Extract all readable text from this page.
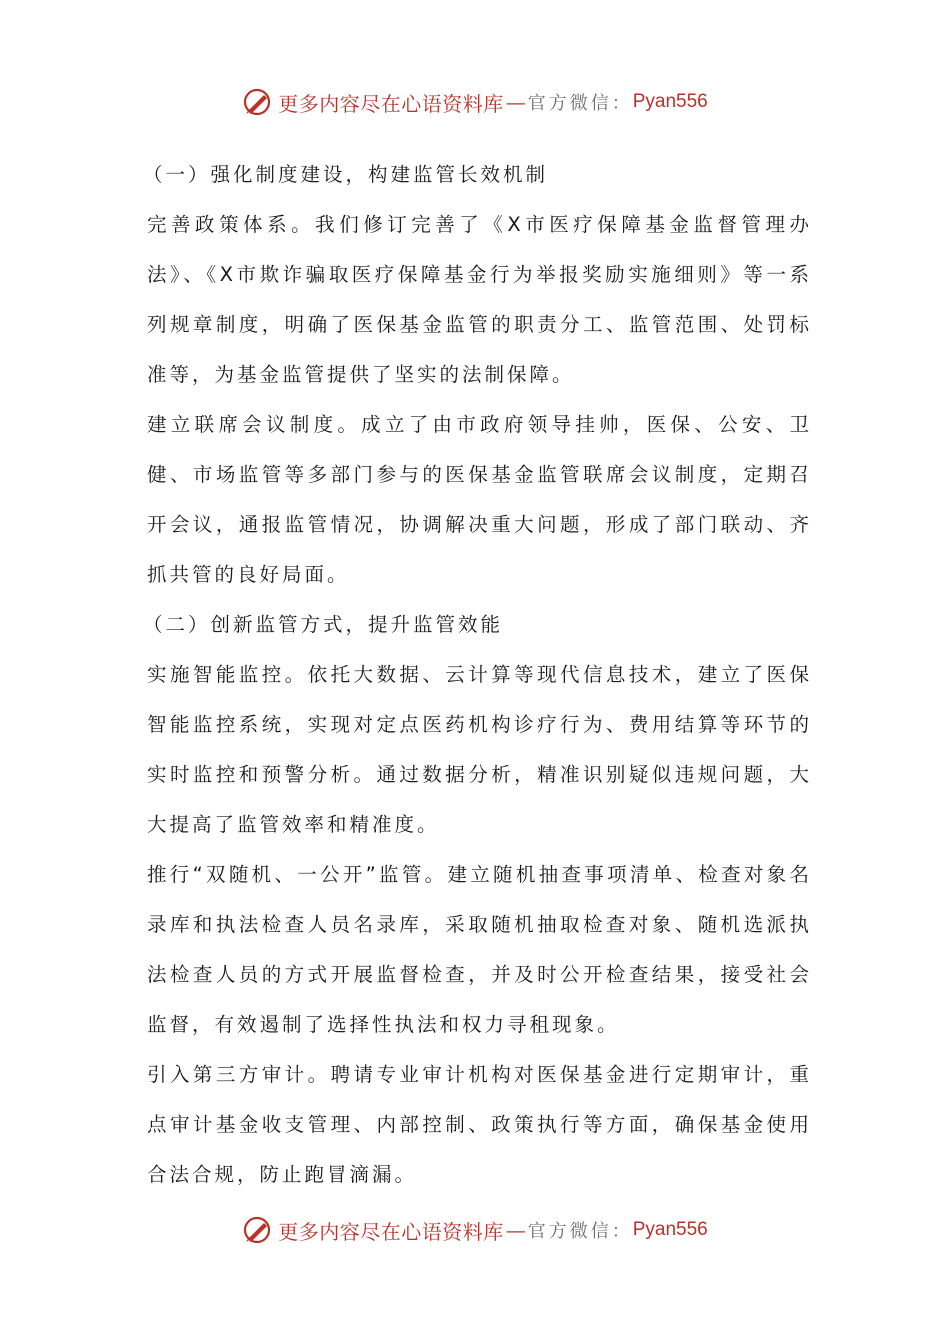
更多内容尽在心语资料库 — 官方微信： Pyan556

（一）强化制度建设，构建监管长效机制

完善政策体系。我们修订完善了《X市医疗保障基金监督管理办法》、《X市欺诈骗取医疗保障基金行为举报奖励实施细则》等一系列规章制度，明确了医保基金监管的职责分工、监管范围、处罚标准等，为基金监管提供了坚实的法制保障。

建立联席会议制度。成立了由市政府领导挂帅，医保、公安、卫健、市场监管等多部门参与的医保基金监管联席会议制度，定期召开会议，通报监管情况，协调解决重大问题，形成了部门联动、齐抓共管的良好局面。

（二）创新监管方式，提升监管效能

实施智能监控。依托大数据、云计算等现代信息技术，建立了医保智能监控系统，实现对定点医药机构诊疗行为、费用结算等环节的实时监控和预警分析。通过数据分析，精准识别疑似违规问题，大大提高了监管效率和精准度。

推行“双随机、一公开”监管。建立随机抽查事项清单、检查对象名录库和执法检查人员名录库，采取随机抽取检查对象、随机选派执法检查人员的方式开展监督检查，并及时公开检查结果，接受社会监督，有效遏制了选择性执法和权力寻租现象。

引入第三方审计。聘请专业审计机构对医保基金进行定期审计，重点审计基金收支管理、内部控制、政策执行等方面，确保基金使用合法合规，防止跑冒滴漏。

更多内容尽在心语资料库 — 官方微信： Pyan556
